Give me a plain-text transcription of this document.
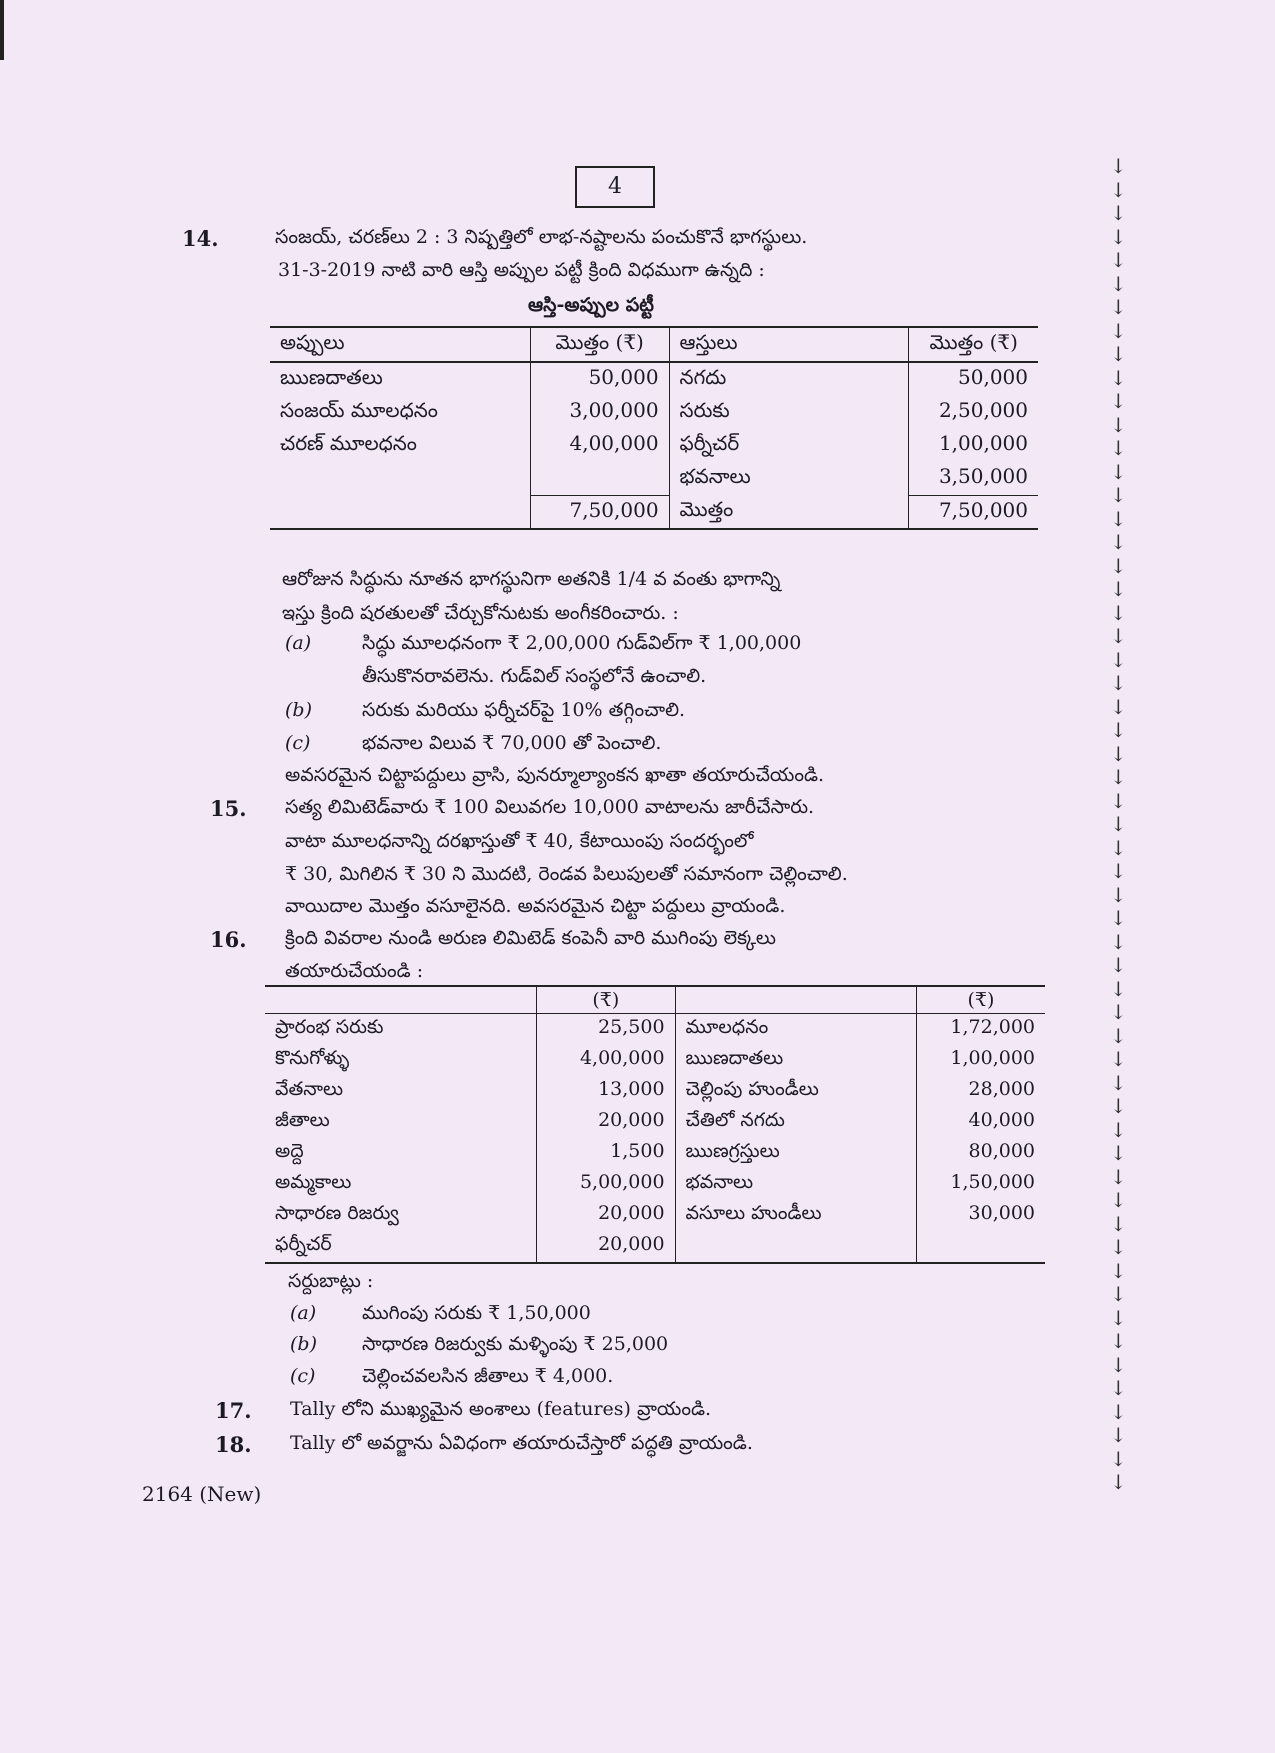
4
14.	సంజయ్, చరణ్‌లు 2 : 3 నిష్పత్తిలో లాభ-నష్టాలను పంచుకొనే భాగస్థులు.
31-3-2019 నాటి వారి ఆస్తి అప్పుల పట్టీ క్రింది విధముగా ఉన్నది :
ఆస్తి-అప్పుల పట్టీ
అప్పులు	మొత్తం (₹)	ఆస్తులు	మొత్తం (₹)
ఋణదాతలు	50,000	నగదు	50,000
సంజయ్ మూలధనం	3,00,000	సరుకు	2,50,000
చరణ్ మూలధనం	4,00,000	ఫర్నీచర్	1,00,000
		భవనాలు	3,50,000
	7,50,000	మొత్తం	7,50,000
ఆరోజున సిద్ధును నూతన భాగస్థునిగా అతనికి 1/4 వ వంతు భాగాన్ని
ఇస్తు క్రింది షరతులతో చేర్చుకోనుటకు అంగీకరించారు. :
(a)	సిద్ధు మూలధనంగా ₹ 2,00,000 గుడ్‌విల్‌గా ₹ 1,00,000
తీసుకొనరావలెను. గుడ్‌విల్ సంస్థలోనే ఉంచాలి.
(b)	సరుకు మరియు ఫర్నీచర్‌పై 10% తగ్గించాలి.
(c)	భవనాల విలువ ₹ 70,000 తో పెంచాలి.
అవసరమైన చిట్టాపద్దులు వ్రాసి, పునర్మూల్యాంకన ఖాతా తయారుచేయండి.
15. సత్య లిమిటెడ్‌వారు ₹ 100 విలువగల 10,000 వాటాలను జారీచేసారు.
వాటా మూలధనాన్ని దరఖాస్తుతో ₹ 40, కేటాయింపు సందర్భంలో
₹ 30, మిగిలిన ₹ 30 ని మొదటి, రెండవ పిలుపులతో సమానంగా చెల్లించాలి.
వాయిదాల మొత్తం వసూలైనది. అవసరమైన చిట్టా పద్దులు వ్రాయండి.
16. క్రింది వివరాల నుండి అరుణ లిమిటెడ్ కంపెనీ వారి ముగింపు లెక్కలు
తయారుచేయండి :
	(₹)		(₹)
ప్రారంభ సరుకు	25,500	మూలధనం	1,72,000
కొనుగోళ్ళు	4,00,000	ఋణదాతలు	1,00,000
వేతనాలు	13,000	చెల్లింపు హుండీలు	28,000
జీతాలు	20,000	చేతిలో నగదు	40,000
అద్దె	1,500	ఋణగ్రస్తులు	80,000
అమ్మకాలు	5,00,000	భవనాలు	1,50,000
సాధారణ రిజర్వు	20,000	వసూలు హుండీలు	30,000
ఫర్నీచర్	20,000		
సర్దుబాట్లు :
(a) ముగింపు సరుకు ₹ 1,50,000
(b) సాధారణ రిజర్వుకు మళ్ళింపు ₹ 25,000
(c) చెల్లించవలసిన జీతాలు ₹ 4,000.
17. Tally లోని ముఖ్యమైన అంశాలు (features) వ్రాయండి.
18. Tally లో అవర్జాను ఏవిధంగా తయారుచేస్తారో పద్ధతి వ్రాయండి.
2164 (New)
↓
↓
↓
↓
↓
↓
↓
↓
↓
↓
↓
↓
↓
↓
↓
↓
↓
↓
↓
↓
↓
↓
↓
↓
↓
↓
↓
↓
↓
↓
↓
↓
↓
↓
↓
↓
↓
↓
↓
↓
↓
↓
↓
↓
↓
↓
↓
↓
↓
↓
↓
↓
↓
↓
↓
↓
↓
